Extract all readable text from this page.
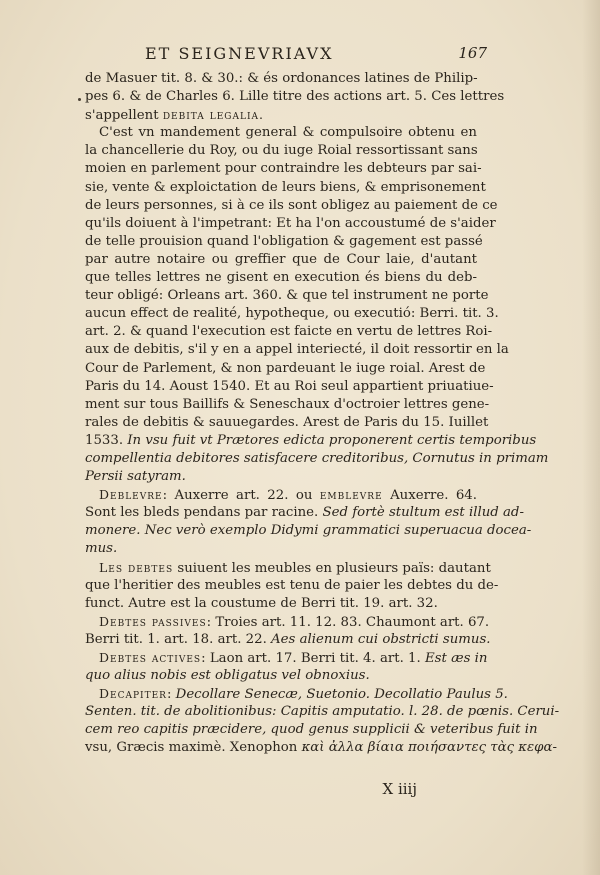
ET SEIGNEVRIAVX	167
de Masuer tit. 8. & 30.: & és ordonances latines de Philip-
pes 6. & de Charles 6. Lille titre des actions art. 5. Ces lettres
s'appellent debita legalia.
C'est vn mandement general & compulsoire obtenu en
la chancellerie du Roy, ou du iuge Roial ressortissant sans
moien en parlement pour contraindre les debteurs par sai-
sie, vente & exploictation de leurs biens, & emprisonement
de leurs personnes, si à ce ils sont obligez au paiement de ce
qu'ils doiuent à l'impetrant: Et ha l'on accoustumé de s'aider
de telle prouision quand l'obligation & gagement est passé
par autre notaire ou greffier que de Cour laie, d'autant
que telles lettres ne gisent en execution és biens du deb-
teur obligé: Orleans art. 360. & que tel instrument ne porte
aucun effect de realité, hypotheque, ou executió: Berri. tit. 3.
art. 2. & quand l'execution est faicte en vertu de lettres Roi-
aux de debitis, s'il y en a appel interiecté, il doit ressortir en la
Cour de Parlement, & non pardeuant le iuge roial. Arest de
Paris du 14. Aoust 1540. Et au Roi seul appartient priuatiue-
ment sur tous Baillifs & Seneschaux d'octroier lettres gene-
rales de debitis & sauuegardes. Arest de Paris du 15. Iuillet
1533. In vsu fuit vt Prætores edicta proponerent certis temporibus
compellentia debitores satisfacere creditoribus, Cornutus in primam
Persii satyram.
Deblevre: Auxerre art. 22. ou emblevre Auxerre. 64.
Sont les bleds pendans par racine. Sed fortè stultum est illud ad-
monere. Nec verò exemplo Didymi grammatici superuacua doceа-
mus.
Les debtes suiuent les meubles en plusieurs païs: dautant
que l'heritier des meubles est tenu de paier les debtes du de-
funct. Autre est la coustume de Berri tit. 19. art. 32.
Debtes passives: Troies art. 11. 12. 83. Chaumont art. 67.
Berri tit. 1. art. 18. art. 22. Aes alienum cui obstricti sumus.
Debtes actives: Laon art. 17. Berri tit. 4. art. 1. Est æs in
quo alius nobis est obligatus vel obnoxius.
Decapiter: Decollare Senecæ, Suetonio. Decollatio Paulus 5.
Senten. tit. de abolitionibus: Capitis amputatio. l. 28. de pœnis. Ceruі-
cem reo capitis præcidere, quod genus supplicii & veteribus fuit in
vsu, Græcis maximè. Xenophon καὶ ἀλλα βίαια ποιήσαντες τὰς κεφα-
X iiij
